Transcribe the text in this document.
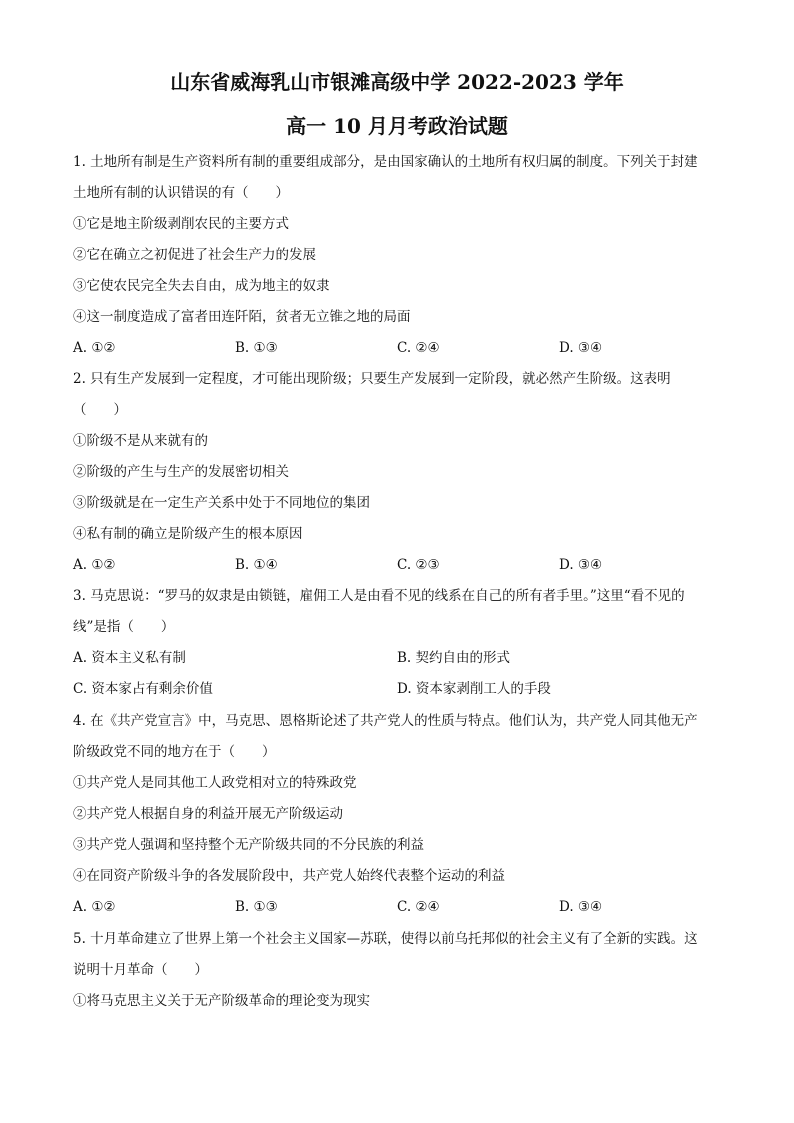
山东省威海乳山市银滩高级中学 2022-2023 学年
高一 10 月月考政治试题
1. 土地所有制是生产资料所有制的重要组成部分，是由国家确认的土地所有权归属的制度。下列关于封建
土地所有制的认识错误的有（　　）
①它是地主阶级剥削农民的主要方式
②它在确立之初促进了社会生产力的发展
③它使农民完全失去自由，成为地主的奴隶
④这一制度造成了富者田连阡陌，贫者无立锥之地的局面
A. ①②	B. ①③	C. ②④	D. ③④
2. 只有生产发展到一定程度，才可能出现阶级；只要生产发展到一定阶段，就必然产生阶级。这表明
（　　）
①阶级不是从来就有的
②阶级的产生与生产的发展密切相关
③阶级就是在一定生产关系中处于不同地位的集团
④私有制的确立是阶级产生的根本原因
A. ①②	B. ①④	C. ②③	D. ③④
3. 马克思说：“罗马的奴隶是由锁链，雇佣工人是由看不见的线系在自己的所有者手里。”这里“看不见的
线”是指（　　）
A. 资本主义私有制	B. 契约自由的形式
C. 资本家占有剩余价值	D. 资本家剥削工人的手段
4. 在《共产党宣言》中，马克思、恩格斯论述了共产党人的性质与特点。他们认为，共产党人同其他无产
阶级政党不同的地方在于（　　）
①共产党人是同其他工人政党相对立的特殊政党
②共产党人根据自身的利益开展无产阶级运动
③共产党人强调和坚持整个无产阶级共同的不分民族的利益
④在同资产阶级斗争的各发展阶段中，共产党人始终代表整个运动的利益
A. ①②	B. ①③	C. ②④	D. ③④
5. 十月革命建立了世界上第一个社会主义国家—苏联，使得以前乌托邦似的社会主义有了全新的实践。这
说明十月革命（　　）
①将马克思主义关于无产阶级革命的理论变为现实
